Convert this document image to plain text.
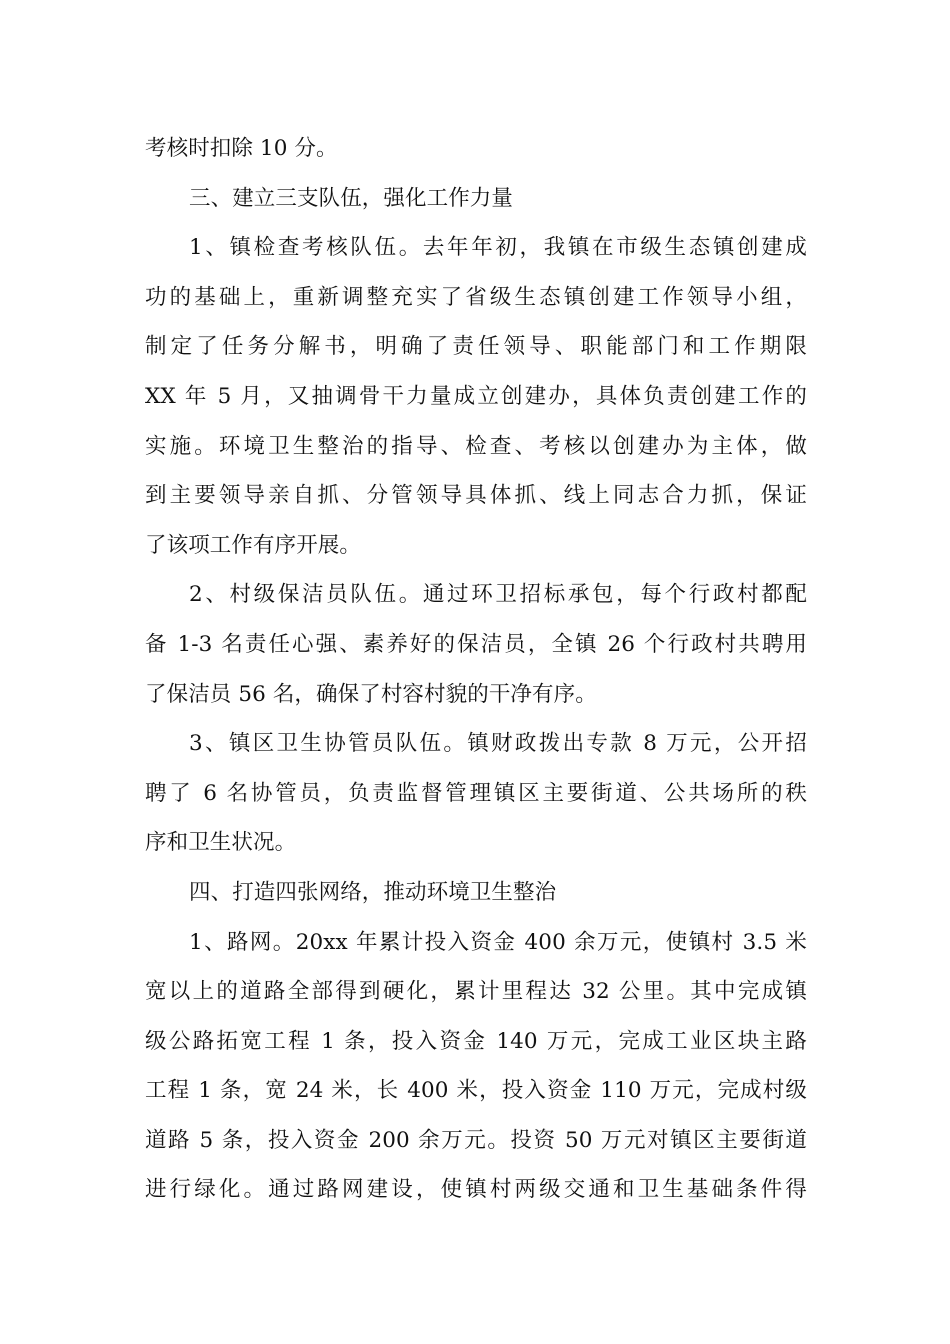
考核时扣除 10 分。
三、建立三支队伍，强化工作力量
1、镇检查考核队伍。去年年初，我镇在市级生态镇创建成
功的基础上，重新调整充实了省级生态镇创建工作领导小组，
制定了任务分解书，明确了责任领导、职能部门和工作期限
XX 年 5 月，又抽调骨干力量成立创建办，具体负责创建工作的
实施。环境卫生整治的指导、检查、考核以创建办为主体，做
到主要领导亲自抓、分管领导具体抓、线上同志合力抓，保证
了该项工作有序开展。
2、村级保洁员队伍。通过环卫招标承包，每个行政村都配
备 1-3 名责任心强、素养好的保洁员，全镇 26 个行政村共聘用
了保洁员 56 名，确保了村容村貌的干净有序。
3、镇区卫生协管员队伍。镇财政拨出专款 8 万元，公开招
聘了 6 名协管员，负责监督管理镇区主要街道、公共场所的秩
序和卫生状况。
四、打造四张网络，推动环境卫生整治
1、路网。20xx 年累计投入资金 400 余万元，使镇村 3.5 米
宽以上的道路全部得到硬化，累计里程达 32 公里。其中完成镇
级公路拓宽工程 1 条，投入资金 140 万元，完成工业区块主路
工程 1 条，宽 24 米，长 400 米，投入资金 110 万元，完成村级
道路 5 条，投入资金 200 余万元。投资 50 万元对镇区主要街道
进行绿化。通过路网建设，使镇村两级交通和卫生基础条件得
